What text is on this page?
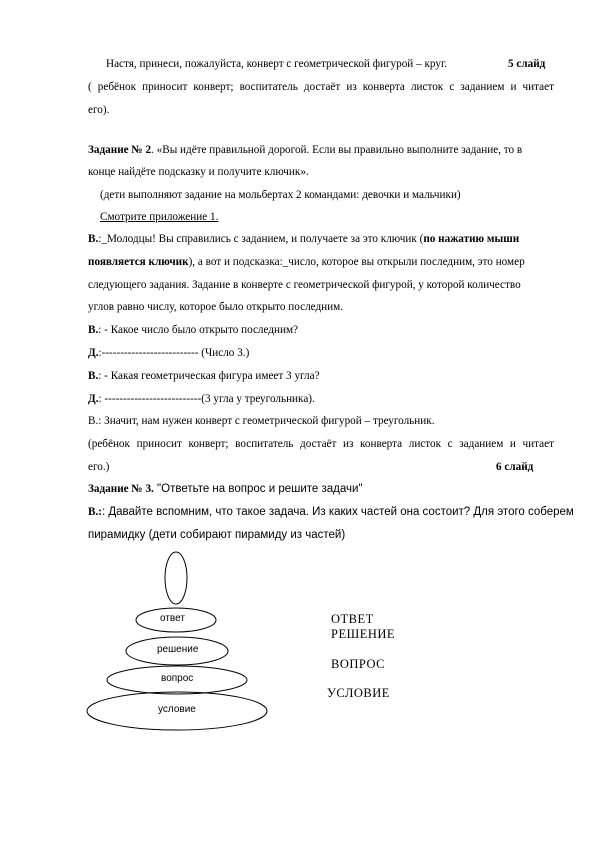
Настя, принеси, пожалуйста, конверт с геометрической фигурой – круг.	5 слайд
( ребёнок приносит конверт; воспитатель достаёт из конверта листок с заданием и читает
его).
Задание № 2. «Вы идёте правильной дорогой. Если вы правильно выполните задание, то в
конце найдёте подсказку и получите ключик».
(дети выполняют задание на мольбертах 2 командами: девочки и мальчики)
Смотрите приложение 1.
В.:_Молодцы! Вы справились с заданием, и получаете за это ключик (по нажатию мыши
появляется ключик), а вот и подсказка:_число, которое вы открыли последним, это номер
следующего задания. Задание в конверте с геометрической фигурой, у которой количество
углов равно числу, которое было открыто последним.
В.: - Какое число было открыто последним?
Д.:-------------------------- (Число 3.)
В.: - Какая геометрическая фигура имеет 3 угла?
Д.: --------------------------(3 угла у треугольника).
В.: Значит, нам нужен конверт с геометрической фигурой – треугольник.
(ребёнок приносит конверт; воспитатель достаёт из конверта листок с заданием и читает
его.)	6 слайд
Задание № 3. "Ответьте на вопрос и решите задачи"
В.:: Давайте вспомним, что такое задача. Из каких частей она состоит? Для этого соберем
пирамидку (дети собирают пирамиду из частей)
ответ
решение
вопрос
условие
ОТВЕТ
РЕШЕНИЕ
ВОПРОС
УСЛОВИЕ
